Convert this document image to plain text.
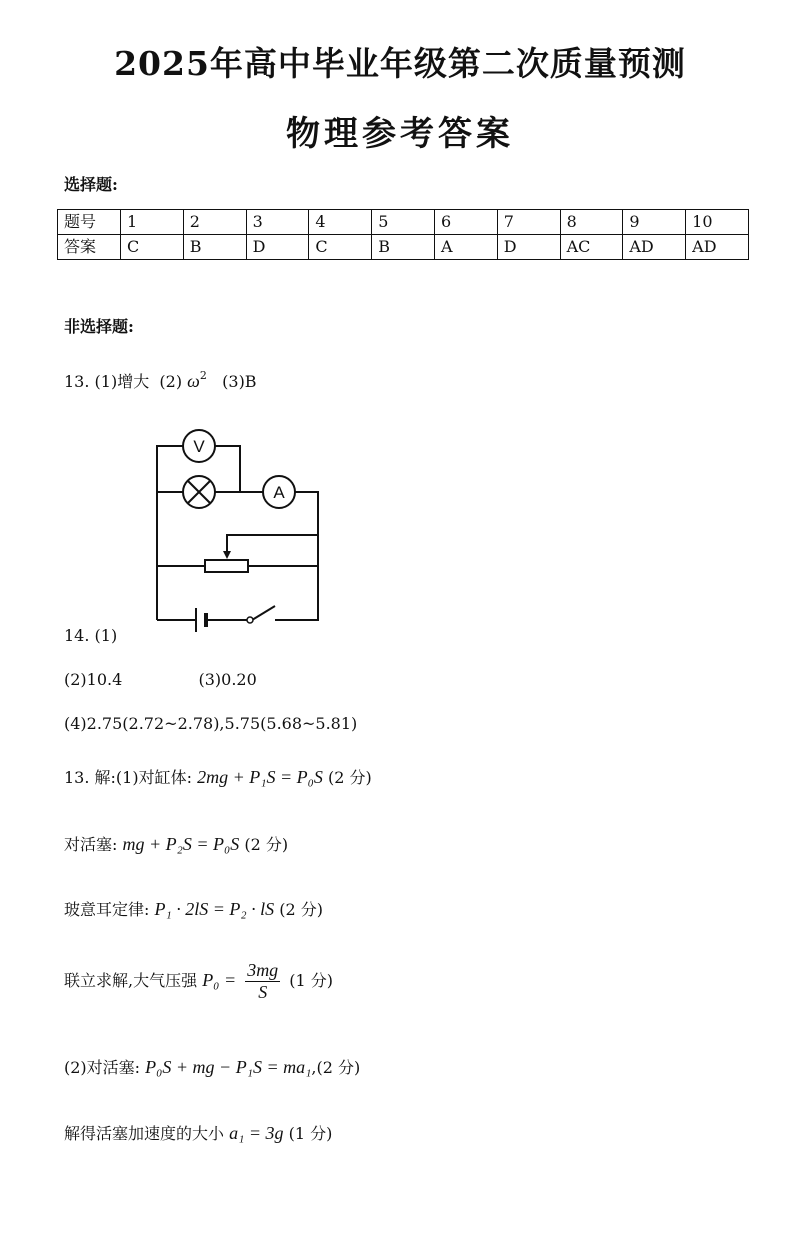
2025年高中毕业年级第二次质量预测
物理参考答案
选择题:
题号	1	2	3	4	5	6	7	8	9	10
答案	C	B	D	C	B	A	D	AC	AD	AD
非选择题:
13. (1)增大 (2) $\omega^2$ (3)B
V
A
14. (1)
(2)10.4	(3)0.20
(4)2.75(2.72~2.78),5.75(5.68~5.81)
13. 解:(1)对缸体: 2mg + P₁S = P₀S (2 分)
对活塞: mg + P₂S = P₀S (2 分)
玻意耳定律: P₁ · 2lS = P₂ · lS (2 分)
联立求解,大气压强 $P_0 = \frac{3mg}{S} (1$ 分)
(2)对活塞: P₀S + mg − P₁S = ma₁,(2 分)
解得活塞加速度的大小 a₁ = 3g (1 分)
